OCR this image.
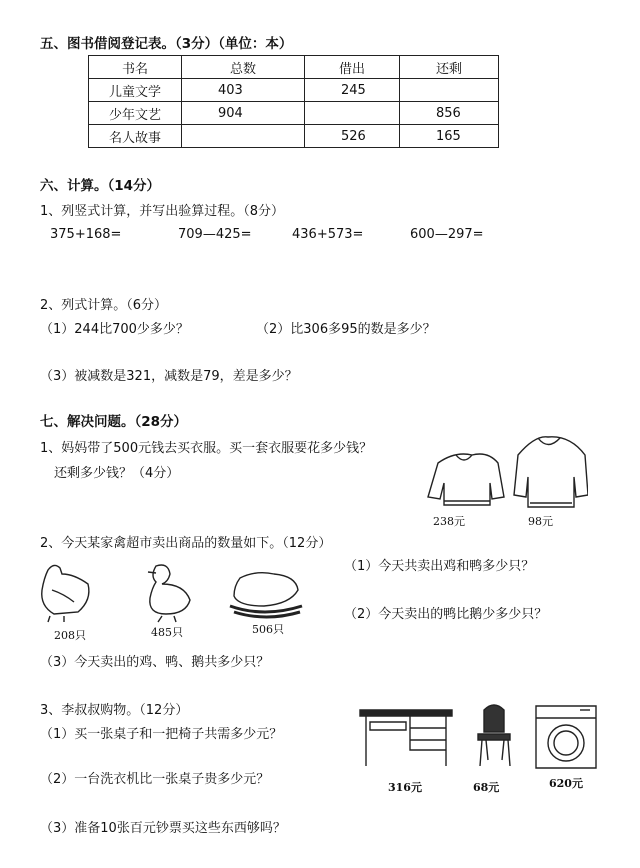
五、图书借阅登记表。（3分）（单位：本）
书名	总数	借出	还剩
儿童文学	403	245	
少年文艺	904		856
名人故事		526	165
六、计算。（14分）
1、列竖式计算，并写出验算过程。（8分）
375+168=	709—425=	436+573=	600—297=
2、列式计算。（6分）
（1）244比700少多少？	（2）比306多95的数是多少？
（3）被减数是321，减数是79，差是多少？
七、解决问题。（28分）
1、妈妈带了500元钱去买衣服。买一套衣服要花多少钱？
还剩多少钱？（4分）
238元	98元
2、今天某家禽超市卖出商品的数量如下。（12分）
208只	485只	506只
（1）今天共卖出鸡和鸭多少只？
（2）今天卖出的鸭比鹅少多少只？
（3）今天卖出的鸡、鸭、鹅共多少只？
3、李叔叔购物。（12分）
（1）买一张桌子和一把椅子共需多少元？
（2）一台洗衣机比一张桌子贵多少元？
（3）准备10张百元钞票买这些东西够吗？
316元	68元	620元
